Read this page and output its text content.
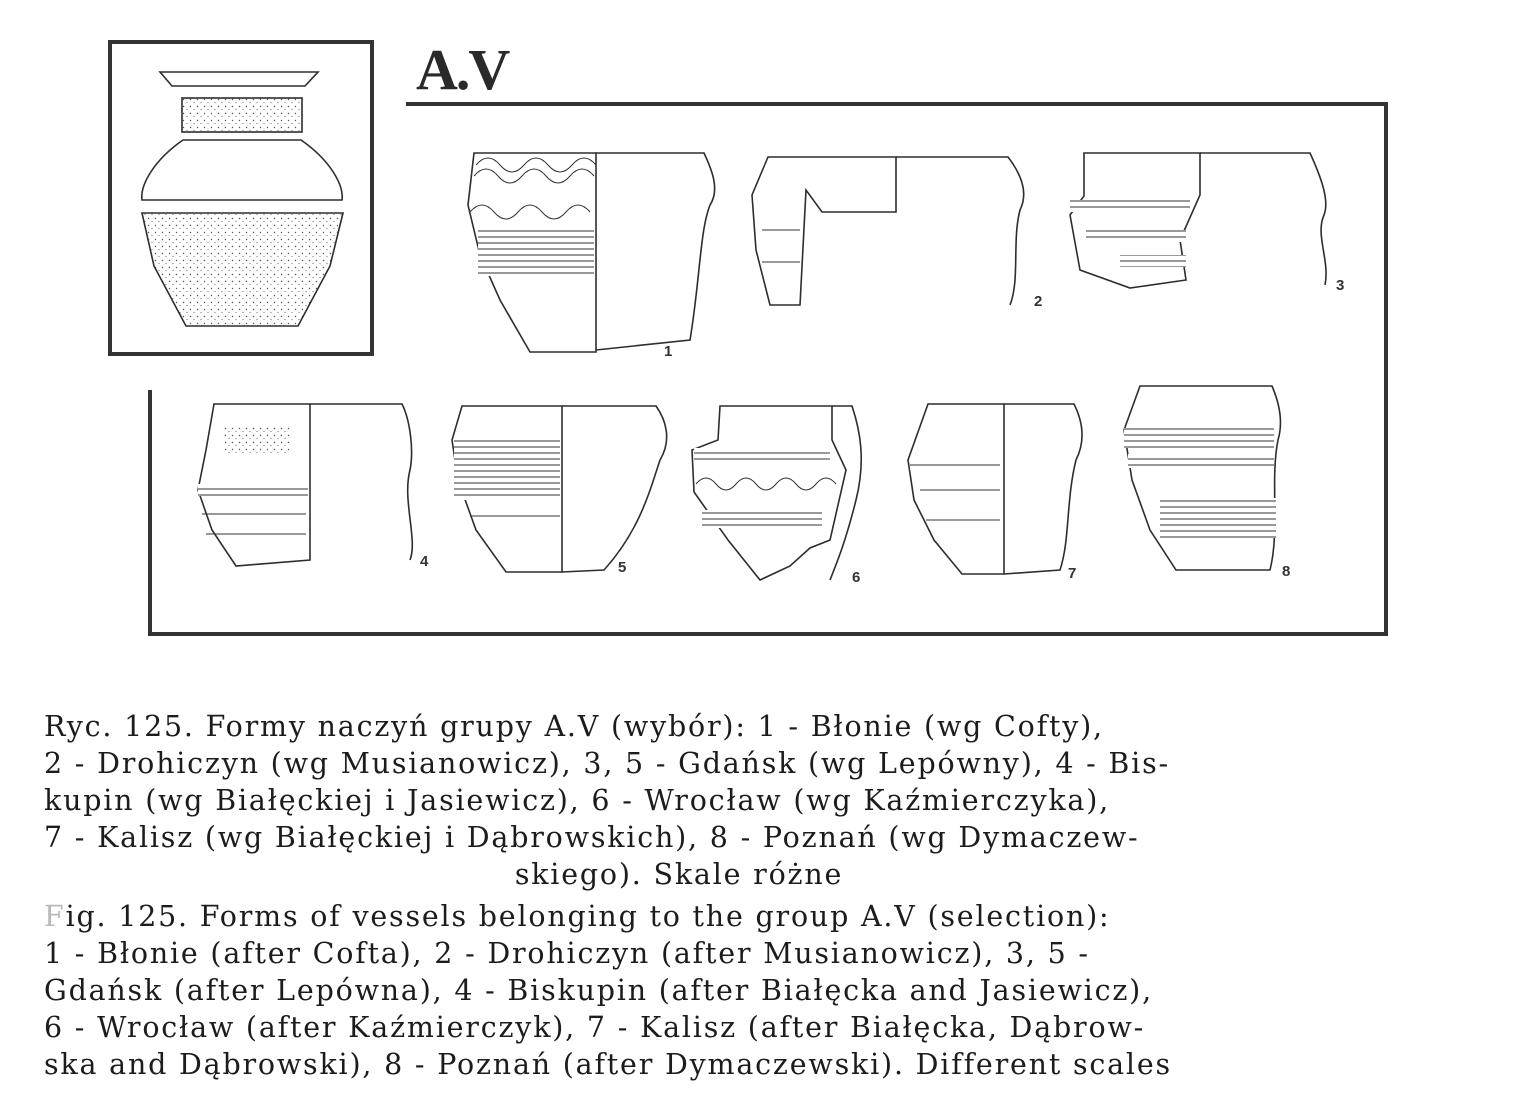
1
2
3
4	5
6	7	8
A.V
Ryc. 125. Formy naczyń grupy A.V (wybór): 1 - Błonie (wg Cofty),
2 - Drohiczyn (wg Musianowicz), 3, 5 - Gdańsk (wg Lepówny), 4 - Bis-
kupin (wg Białęckiej i Jasiewicz), 6 - Wrocław (wg Kaźmierczyka),
7 - Kalisz (wg Białęckiej i Dąbrowskich), 8 - Poznań (wg Dymaczew-
skiego). Skale różne
Fig. 125. Forms of vessels belonging to the group A.V (selection):
1 - Błonie (after Cofta), 2 - Drohiczyn (after Musianowicz), 3, 5 -
Gdańsk (after Lepówna), 4 - Biskupin (after Białęcka and Jasiewicz),
6 - Wrocław (after Kaźmierczyk), 7 - Kalisz (after Białęcka, Dąbrow-
ska and Dąbrowski), 8 - Poznań (after Dymaczewski). Different scales
